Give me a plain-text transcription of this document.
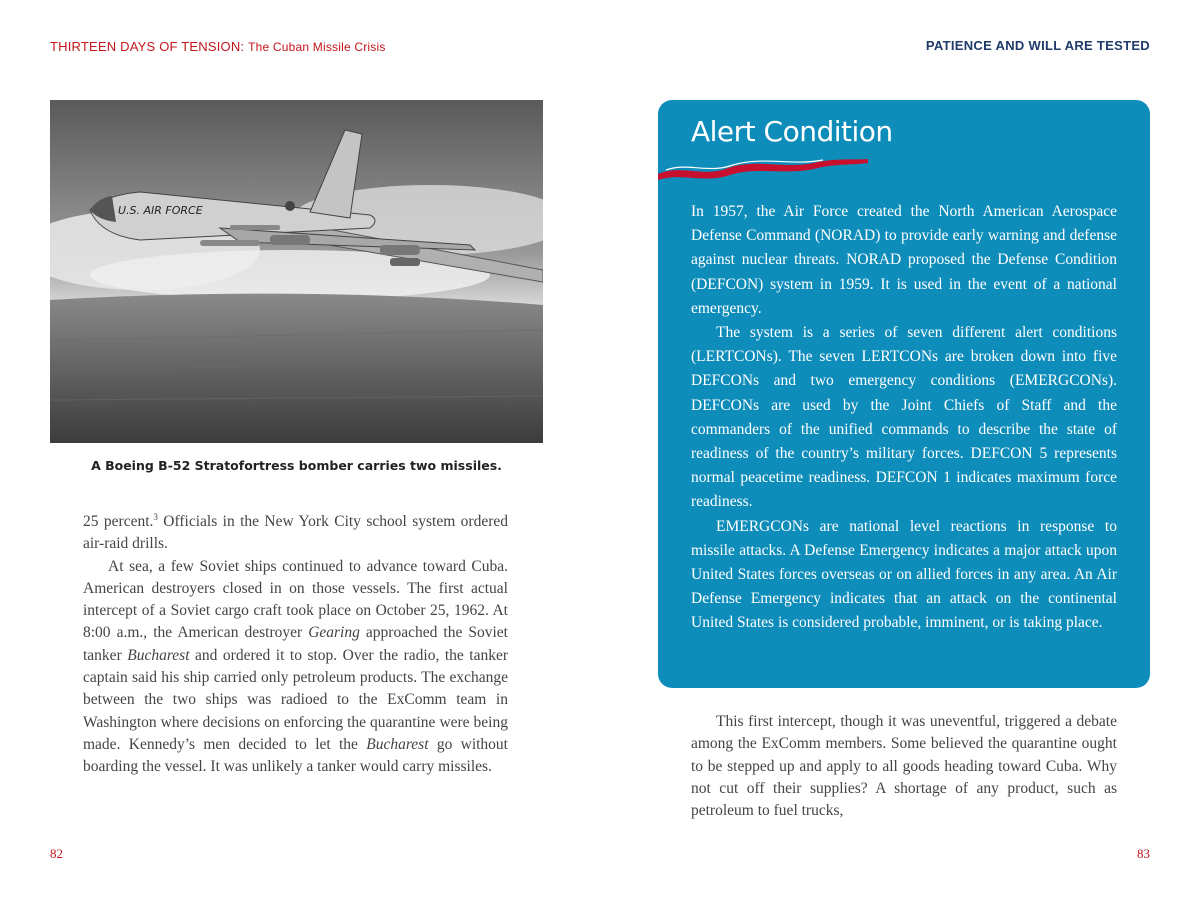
THIRTEEN DAYS OF TENSION: The Cuban Missile Crisis	PATIENCE AND WILL ARE TESTED
U.S. AIR FORCE
A Boeing B-52 Stratofortress bomber carries two missiles.

25 percent.$^3$ Officials in the New York City school system ordered air-raid drills.

At sea, a few Soviet ships continued to advance toward Cuba. American destroyers closed in on those vessels. The first actual intercept of a Soviet cargo craft took place on October 25, 1962. At 8:00 a.m., the American destroyer Gearing approached the Soviet tanker Bucharest and ordered it to stop. Over the radio, the tanker captain said his ship carried only petroleum products. The exchange between the two ships was radioed to the ExComm team in Washington where decisions on enforcing the quarantine were being made. Kennedy’s men decided to let the Bucharest go without boarding the vessel. It was unlikely a tanker would carry missiles.

Alert Condition

In 1957, the Air Force created the North American Aerospace Defense Command (NORAD) to provide early warning and defense against nuclear threats. NORAD proposed the Defense Condition (DEFCON) system in 1959. It is used in the event of a national emergency.

The system is a series of seven different alert conditions (LERTCONs). The seven LERTCONs are broken down into five DEFCONs and two emergency conditions (EMERGCONs). DEFCONs are used by the Joint Chiefs of Staff and the commanders of the unified commands to describe the state of readiness of the country’s military forces. DEFCON 5 represents normal peacetime readiness. DEFCON 1 indicates maximum force readiness.

EMERGCONs are national level reactions in response to missile attacks. A Defense Emergency indicates a major attack upon United States forces overseas or on allied forces in any area. An Air Defense Emergency indicates that an attack on the continental United States is considered probable, imminent, or is taking place.

This first intercept, though it was uneventful, triggered a debate among the ExComm members. Some believed the quarantine ought to be stepped up and apply to all goods heading toward Cuba. Why not cut off their supplies? A shortage of any product, such as petroleum to fuel trucks,

82	83
